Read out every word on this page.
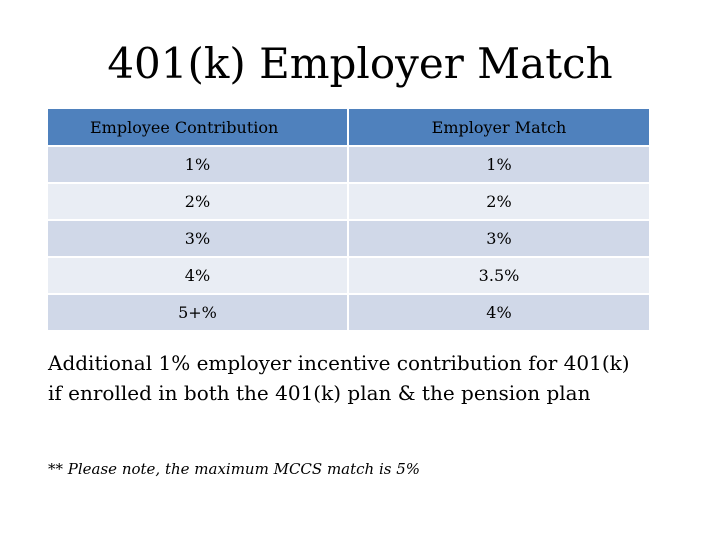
401(k) Employer Match
Employee Contribution	Employer Match
1%	1%
2%	2%
3%	3%
4%	3.5%
5+%	4%

Additional 1% employer incentive contribution for 401(k)
if enrolled in both the 401(k) plan & the pension plan

** Please note, the maximum MCCS match is 5%
